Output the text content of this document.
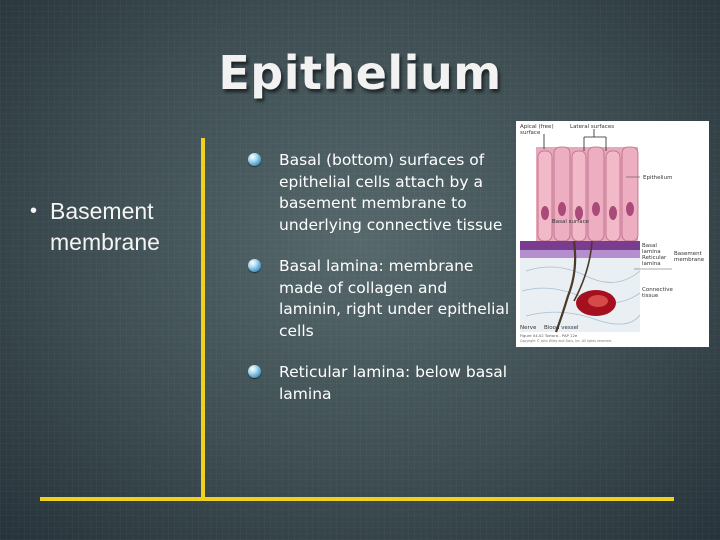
Epithelium
• Basement membrane
Basal (bottom) surfaces of epithelial cells attach by a basement membrane to underlying connective tissue
Basal lamina: membrane made of collagen and laminin, right under epithelial cells
Reticular lamina: below basal lamina
Apical (free)
surface
Lateral surfaces
Epithelium
Basal surface
Basal
lamina
Reticular
lamina
Basement
membrane
Connective
tissue
Nerve Blood vessel
Figure 04.02 Tortora - PAP 12e
Copyright © John Wiley and Sons, Inc. All rights reserved.
